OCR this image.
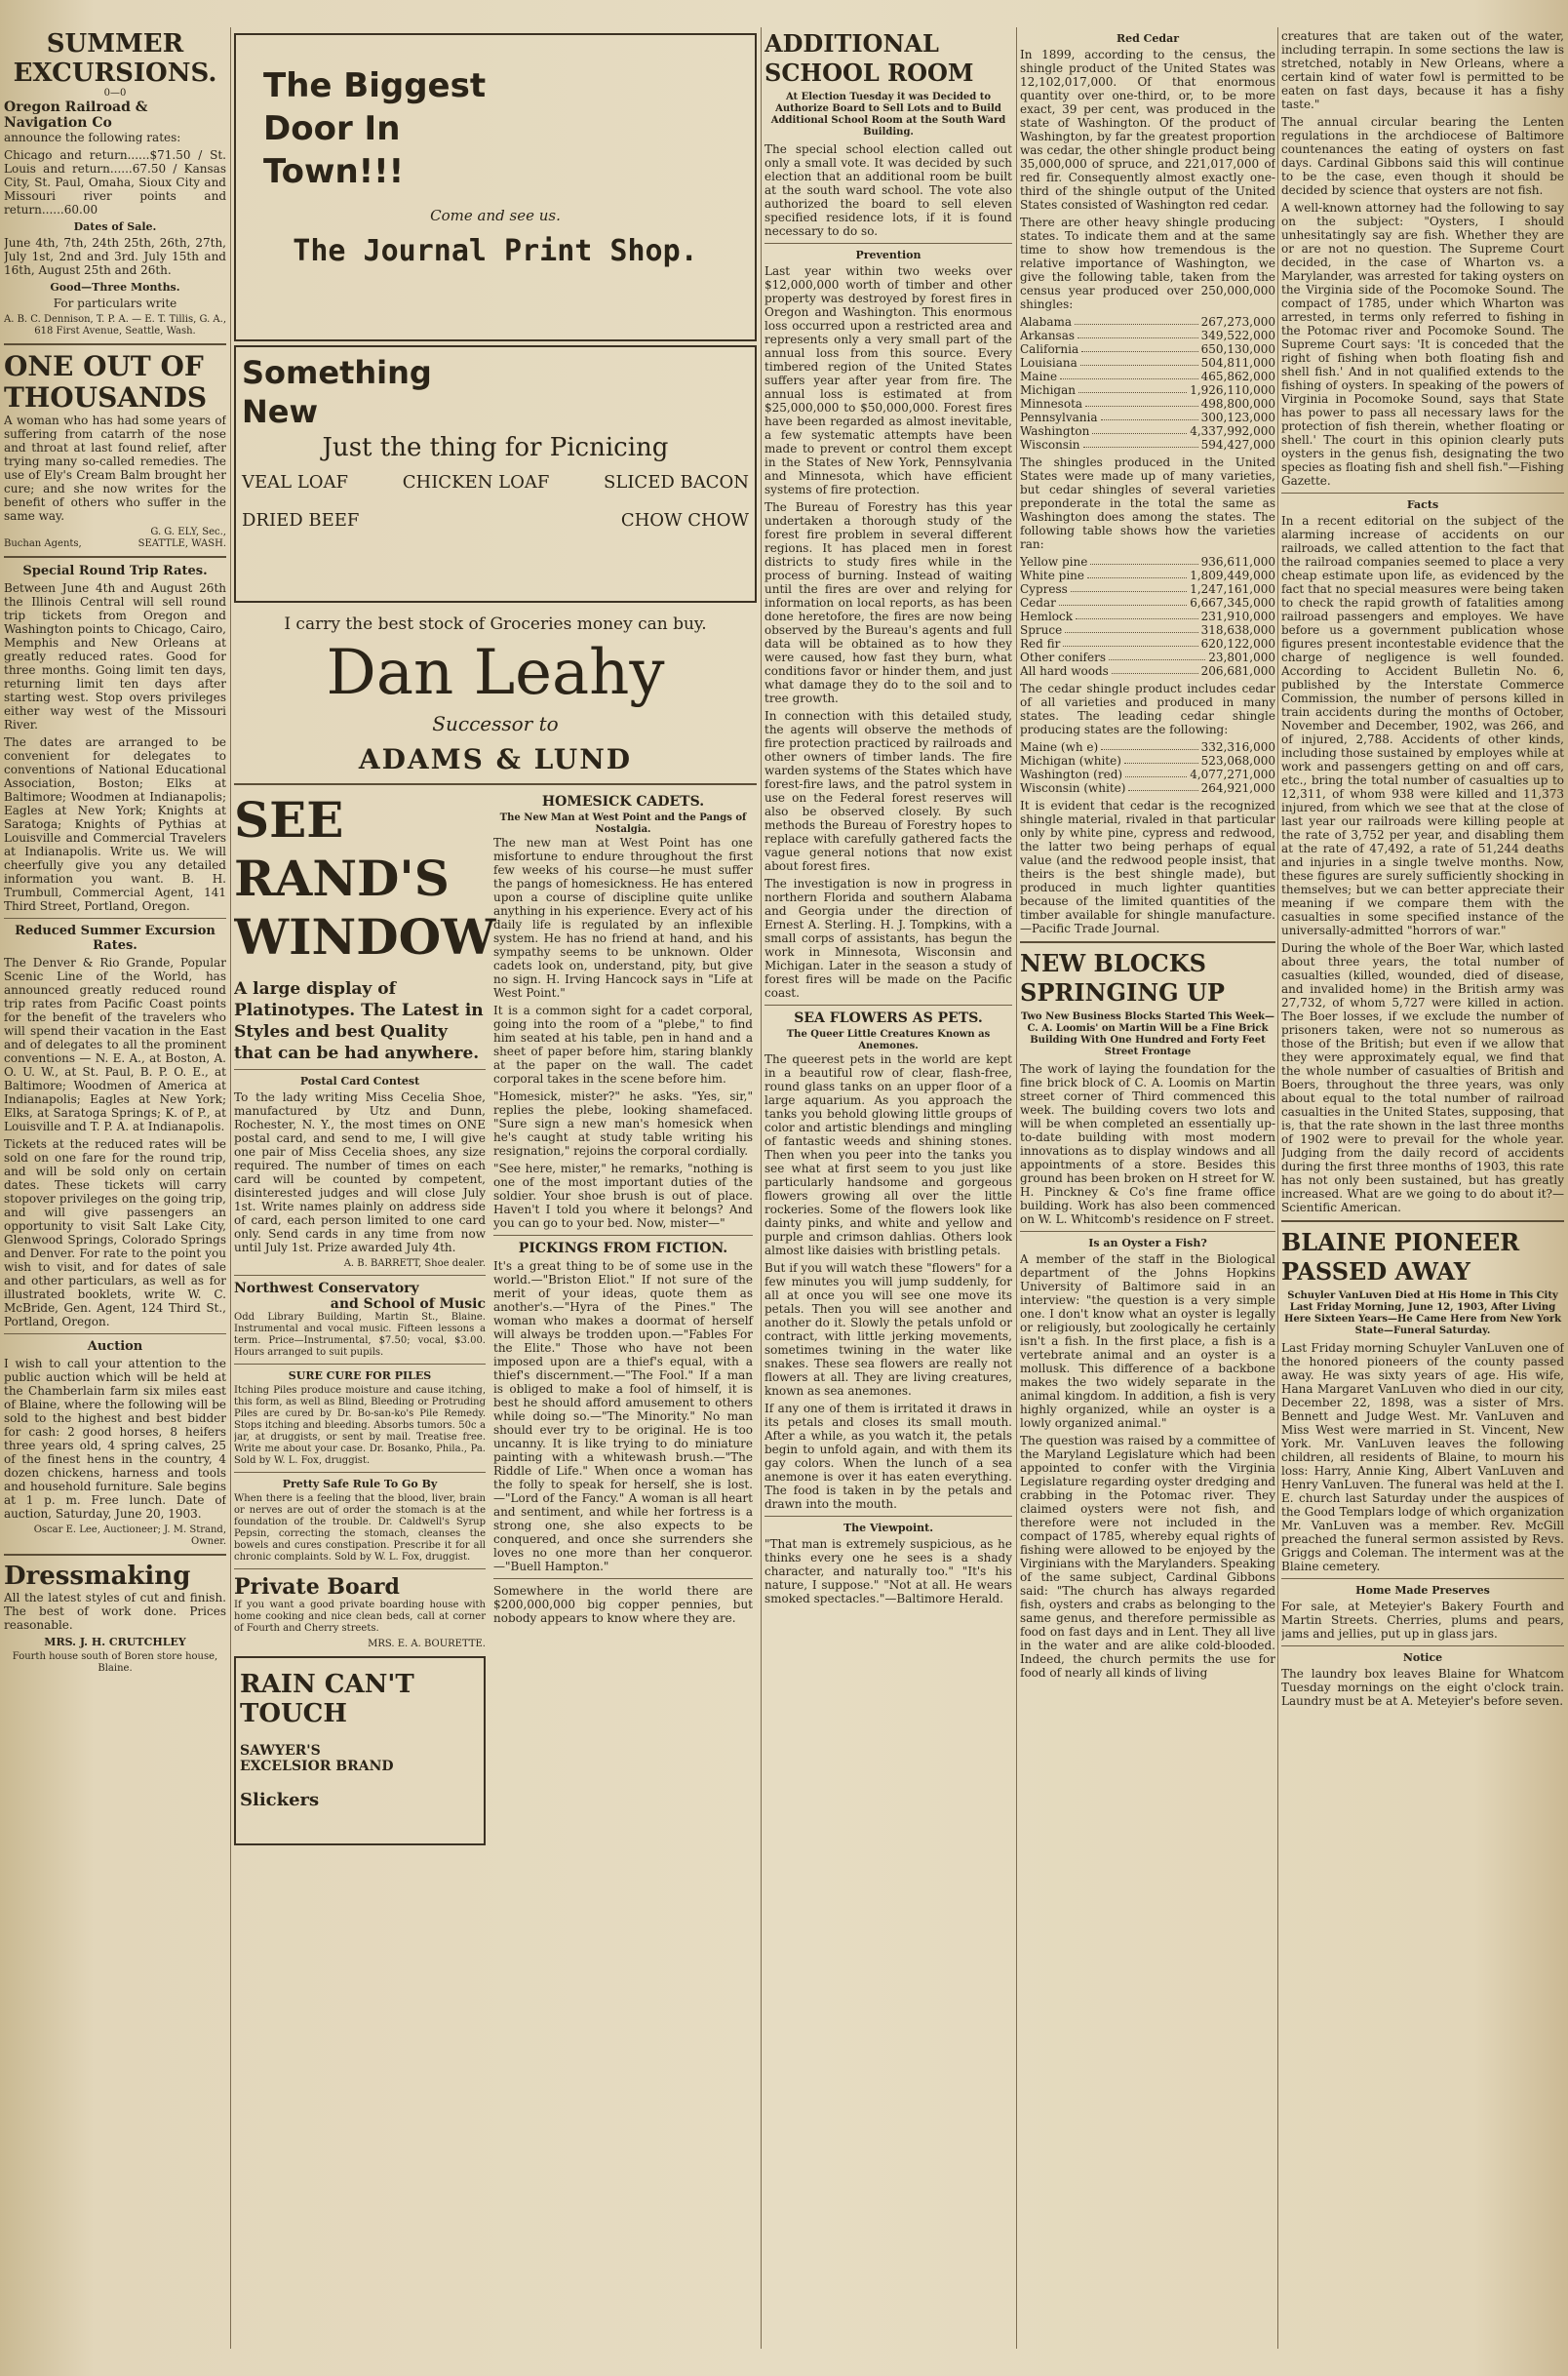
SUMMER EXCURSIONS.
0—0
Oregon Railroad & Navigation Co

announce the following rates:

Chicago and return......$71.50 / St. Louis and return......67.50 / Kansas City, St. Paul, Omaha, Sioux City and Missouri river points and return......60.00

Dates of Sale.

June 4th, 7th, 24th 25th, 26th, 27th, July 1st, 2nd and 3rd. July 15th and 16th, August 25th and 26th.

Good—Three Months.
For particulars write
A. B. C. Dennison, T. P. A. — E. T. Tillis, G. A., 618 First Avenue, Seattle, Wash.
ONE OUT OF THOUSANDS

A woman who has had some years of suffering from catarrh of the nose and throat at last found relief, after trying many so-called remedies. The use of Ely's Cream Balm brought her cure; and she now writes for the benefit of others who suffer in the same way.

G. G. ELY, Sec.,
Buchan Agents,	SEATTLE, WASH.
Special Round Trip Rates.

Between June 4th and August 26th the Illinois Central will sell round trip tickets from Oregon and Washington points to Chicago, Cairo, Memphis and New Orleans at greatly reduced rates. Good for three months. Going limit ten days, returning limit ten days after starting west. Stop overs privileges either way west of the Missouri River.

The dates are arranged to be convenient for delegates to conventions of National Educational Association, Boston; Elks at Baltimore; Woodmen at Indianapolis; Eagles at New York; Knights at Saratoga; Knights of Pythias at Louisville and Commercial Travelers at Indianapolis. Write us. We will cheerfully give you any detailed information you want. B. H. Trumbull, Commercial Agent, 141 Third Street, Portland, Oregon.

Reduced Summer Excursion Rates.

The Denver & Rio Grande, Popular Scenic Line of the World, has announced greatly reduced round trip rates from Pacific Coast points for the benefit of the travelers who will spend their vacation in the East and of delegates to all the prominent conventions — N. E. A., at Boston, A. O. U. W., at St. Paul, B. P. O. E., at Baltimore; Woodmen of America at Indianapolis; Eagles at New York; Elks, at Saratoga Springs; K. of P., at Louisville and T. P. A. at Indianapolis.

Tickets at the reduced rates will be sold on one fare for the round trip, and will be sold only on certain dates. These tickets will carry stopover privileges on the going trip, and will give passengers an opportunity to visit Salt Lake City, Glenwood Springs, Colorado Springs and Denver. For rate to the point you wish to visit, and for dates of sale and other particulars, as well as for illustrated booklets, write W. C. McBride, Gen. Agent, 124 Third St., Portland, Oregon.

Auction

I wish to call your attention to the public auction which will be held at the Chamberlain farm six miles east of Blaine, where the following will be sold to the highest and best bidder for cash: 2 good horses, 8 heifers three years old, 4 spring calves, 25 of the finest hens in the country, 4 dozen chickens, harness and tools and household furniture. Sale begins at 1 p. m. Free lunch. Date of auction, Saturday, June 20, 1903.

Oscar E. Lee, Auctioneer; J. M. Strand, Owner.
Dressmaking

All the latest styles of cut and finish. The best of work done. Prices reasonable.

MRS. J. H. CRUTCHLEY
Fourth house south of Boren store house, Blaine.
The Biggest Door In Town!!!
Come and see us.
The Journal Print Shop.
Something New
Just the thing for Picnicing
VEAL LOAF	CHICKEN LOAF	SLICED BACON
DRIED BEEF	CHOW CHOW
I carry the best stock of Groceries money can buy.
Dan Leahy
Successor to
ADAMS & LUND
SEE RAND'S WINDOW
A large display of Platinotypes. The Latest in Styles and best Quality that can be had anywhere.
Postal Card Contest

To the lady writing Miss Cecelia Shoe, manufactured by Utz and Dunn, Rochester, N. Y., the most times on ONE postal card, and send to me, I will give one pair of Miss Cecelia shoes, any size required. The number of times on each card will be counted by competent, disinterested judges and will close July 1st. Write names plainly on address side of card, each person limited to one card only. Send cards in any time from now until July 1st. Prize awarded July 4th.

A. B. BARRETT, Shoe dealer.
Northwest Conservatory
and School of Music

Odd Library Building, Martin St., Blaine. Instrumental and vocal music. Fifteen lessons a term. Price—Instrumental, $7.50; vocal, $3.00. Hours arranged to suit pupils.

SURE CURE FOR PILES

Itching Piles produce moisture and cause itching, this form, as well as Blind, Bleeding or Protruding Piles are cured by Dr. Bo-san-ko's Pile Remedy. Stops itching and bleeding. Absorbs tumors. 50c a jar, at druggists, or sent by mail. Treatise free. Write me about your case. Dr. Bosanko, Phila., Pa. Sold by W. L. Fox, druggist.

Pretty Safe Rule To Go By

When there is a feeling that the blood, liver, brain or nerves are out of order the stomach is at the foundation of the trouble. Dr. Caldwell's Syrup Pepsin, correcting the stomach, cleanses the bowels and cures constipation. Prescribe it for all chronic complaints. Sold by W. L. Fox, druggist.

Private Board

If you want a good private boarding house with home cooking and nice clean beds, call at corner of Fourth and Cherry streets.

MRS. E. A. BOURETTE.
RAIN CAN'T TOUCH
SAWYER'S EXCELSIOR BRAND
Slickers
HOMESICK CADETS.
The New Man at West Point and the Pangs of Nostalgia.

The new man at West Point has one misfortune to endure throughout the first few weeks of his course—he must suffer the pangs of homesickness. He has entered upon a course of discipline quite unlike anything in his experience. Every act of his daily life is regulated by an inflexible system. He has no friend at hand, and his sympathy seems to be unknown. Older cadets look on, understand, pity, but give no sign. H. Irving Hancock says in "Life at West Point."

It is a common sight for a cadet corporal, going into the room of a "plebe," to find him seated at his table, pen in hand and a sheet of paper before him, staring blankly at the paper on the wall. The cadet corporal takes in the scene before him.

"Homesick, mister?" he asks. "Yes, sir," replies the plebe, looking shamefaced. "Sure sign a new man's homesick when he's caught at study table writing his resignation," rejoins the corporal cordially.

"See here, mister," he remarks, "nothing is one of the most important duties of the soldier. Your shoe brush is out of place. Haven't I told you where it belongs? And you can go to your bed. Now, mister—"

PICKINGS FROM FICTION.

It's a great thing to be of some use in the world.—"Briston Eliot." If not sure of the merit of your ideas, quote them as another's.—"Hyra of the Pines." The woman who makes a doormat of herself will always be trodden upon.—"Fables For the Elite." Those who have not been imposed upon are a thief's equal, with a thief's discernment.—"The Fool." If a man is obliged to make a fool of himself, it is best he should afford amusement to others while doing so.—"The Minority." No man should ever try to be original. He is too uncanny. It is like trying to do miniature painting with a whitewash brush.—"The Riddle of Life." When once a woman has the folly to speak for herself, she is lost.—"Lord of the Fancy." A woman is all heart and sentiment, and while her fortress is a strong one, she also expects to be conquered, and once she surrenders she loves no one more than her conqueror.—"Buell Hampton."

Somewhere in the world there are $200,000,000 big copper pennies, but nobody appears to know where they are.

ADDITIONAL SCHOOL ROOM
At Election Tuesday it was Decided to Authorize Board to Sell Lots and to Build Additional School Room at the South Ward Building.

The special school election called out only a small vote. It was decided by such election that an additional room be built at the south ward school. The vote also authorized the board to sell eleven specified residence lots, if it is found necessary to do so.

Prevention

Last year within two weeks over $12,000,000 worth of timber and other property was destroyed by forest fires in Oregon and Washington. This enormous loss occurred upon a restricted area and represents only a very small part of the annual loss from this source. Every timbered region of the United States suffers year after year from fire. The annual loss is estimated at from $25,000,000 to $50,000,000. Forest fires have been regarded as almost inevitable, a few systematic attempts have been made to prevent or control them except in the States of New York, Pennsylvania and Minnesota, which have efficient systems of fire protection.

The Bureau of Forestry has this year undertaken a thorough study of the forest fire problem in several different regions. It has placed men in forest districts to study fires while in the process of burning. Instead of waiting until the fires are over and relying for information on local reports, as has been done heretofore, the fires are now being observed by the Bureau's agents and full data will be obtained as to how they were caused, how fast they burn, what conditions favor or hinder them, and just what damage they do to the soil and to tree growth.

In connection with this detailed study, the agents will observe the methods of fire protection practiced by railroads and other owners of timber lands. The fire warden systems of the States which have forest-fire laws, and the patrol system in use on the Federal forest reserves will also be observed closely. By such methods the Bureau of Forestry hopes to replace with carefully gathered facts the vague general notions that now exist about forest fires.

The investigation is now in progress in northern Florida and southern Alabama and Georgia under the direction of Ernest A. Sterling. H. J. Tompkins, with a small corps of assistants, has begun the work in Minnesota, Wisconsin and Michigan. Later in the season a study of forest fires will be made on the Pacific coast.

SEA FLOWERS AS PETS.
The Queer Little Creatures Known as Anemones.

The queerest pets in the world are kept in a beautiful row of clear, flash-free, round glass tanks on an upper floor of a large aquarium. As you approach the tanks you behold glowing little groups of color and artistic blendings and mingling of fantastic weeds and shining stones. Then when you peer into the tanks you see what at first seem to you just like particularly handsome and gorgeous flowers growing all over the little rockeries. Some of the flowers look like dainty pinks, and white and yellow and purple and crimson dahlias. Others look almost like daisies with bristling petals.

But if you will watch these "flowers" for a few minutes you will jump suddenly, for all at once you will see one move its petals. Then you will see another and another do it. Slowly the petals unfold or contract, with little jerking movements, sometimes twining in the water like snakes. These sea flowers are really not flowers at all. They are living creatures, known as sea anemones.

If any one of them is irritated it draws in its petals and closes its small mouth. After a while, as you watch it, the petals begin to unfold again, and with them its gay colors. When the lunch of a sea anemone is over it has eaten everything. The food is taken in by the petals and drawn into the mouth.

The Viewpoint.

"That man is extremely suspicious, as he thinks every one he sees is a shady character, and naturally too." "It's his nature, I suppose." "Not at all. He wears smoked spectacles."—Baltimore Herald.

Red Cedar

In 1899, according to the census, the shingle product of the United States was 12,102,017,000. Of that enormous quantity over one-third, or, to be more exact, 39 per cent, was produced in the state of Washington. Of the product of Washington, by far the greatest proportion was cedar, the other shingle product being 35,000,000 of spruce, and 221,017,000 of red fir. Consequently almost exactly one-third of the shingle output of the United States consisted of Washington red cedar.

There are other heavy shingle producing states. To indicate them and at the same time to show how tremendous is the relative importance of Washington, we give the following table, taken from the census year produced over 250,000,000 shingles:

Alabama	267,273,000
Arkansas	349,522,000
California	650,130,000
Louisiana	504,811,000
Maine	465,862,000
Michigan	1,926,110,000
Minnesota	498,800,000
Pennsylvania	300,123,000
Washington	4,337,992,000
Wisconsin	594,427,000

The shingles produced in the United States were made up of many varieties, but cedar shingles of several varieties preponderate in the total the same as Washington does among the states. The following table shows how the varieties ran:

Yellow pine	936,611,000
White pine	1,809,449,000
Cypress	1,247,161,000
Cedar	6,667,345,000
Hemlock	231,910,000
Spruce	318,638,000
Red fir	620,122,000
Other conifers	23,801,000
All hard woods	206,681,000

The cedar shingle product includes cedar of all varieties and produced in many states. The leading cedar shingle producing states are the following:

Maine (wh e)	332,316,000
Michigan (white)	523,068,000
Washington (red)	4,077,271,000
Wisconsin (white)	264,921,000

It is evident that cedar is the recognized shingle material, rivaled in that particular only by white pine, cypress and redwood, the latter two being perhaps of equal value (and the redwood people insist, that theirs is the best shingle made), but produced in much lighter quantities because of the limited quantities of the timber available for shingle manufacture.—Pacific Trade Journal.

NEW BLOCKS SPRINGING UP
Two New Business Blocks Started This Week—C. A. Loomis' on Martin Will be a Fine Brick Building With One Hundred and Forty Feet Street Frontage

The work of laying the foundation for the fine brick block of C. A. Loomis on Martin street corner of Third commenced this week. The building covers two lots and will be when completed an essentially up-to-date building with most modern innovations as to display windows and all appointments of a store. Besides this ground has been broken on H street for W. H. Pinckney & Co's fine frame office building. Work has also been commenced on W. L. Whitcomb's residence on F street.

Is an Oyster a Fish?

A member of the staff in the Biological department of the Johns Hopkins University of Baltimore said in an interview: "the question is a very simple one. I don't know what an oyster is legally or religiously, but zoologically he certainly isn't a fish. In the first place, a fish is a vertebrate animal and an oyster is a mollusk. This difference of a backbone makes the two widely separate in the animal kingdom. In addition, a fish is very highly organized, while an oyster is a lowly organized animal."

The question was raised by a committee of the Maryland Legislature which had been appointed to confer with the Virginia Legislature regarding oyster dredging and crabbing in the Potomac river. They claimed oysters were not fish, and therefore were not included in the compact of 1785, whereby equal rights of fishing were allowed to be enjoyed by the Virginians with the Marylanders. Speaking of the same subject, Cardinal Gibbons said: "The church has always regarded fish, oysters and crabs as belonging to the same genus, and therefore permissible as food on fast days and in Lent. They all live in the water and are alike cold-blooded. Indeed, the church permits the use for food of nearly all kinds of living

creatures that are taken out of the water, including terrapin. In some sections the law is stretched, notably in New Orleans, where a certain kind of water fowl is permitted to be eaten on fast days, because it has a fishy taste."

The annual circular bearing the Lenten regulations in the archdiocese of Baltimore countenances the eating of oysters on fast days. Cardinal Gibbons said this will continue to be the case, even though it should be decided by science that oysters are not fish.

A well-known attorney had the following to say on the subject: "Oysters, I should unhesitatingly say are fish. Whether they are or are not no question. The Supreme Court decided, in the case of Wharton vs. a Marylander, was arrested for taking oysters on the Virginia side of the Pocomoke Sound. The compact of 1785, under which Wharton was arrested, in terms only referred to fishing in the Potomac river and Pocomoke Sound. The Supreme Court says: 'It is conceded that the right of fishing when both floating fish and shell fish.' And in not qualified extends to the fishing of oysters. In speaking of the powers of Virginia in Pocomoke Sound, says that State has power to pass all necessary laws for the protection of fish therein, whether floating or shell.' The court in this opinion clearly puts oysters in the genus fish, designating the two species as floating fish and shell fish."—Fishing Gazette.

Facts

In a recent editorial on the subject of the alarming increase of accidents on our railroads, we called attention to the fact that the railroad companies seemed to place a very cheap estimate upon life, as evidenced by the fact that no special measures were being taken to check the rapid growth of fatalities among railroad passengers and employes. We have before us a government publication whose figures present incontestable evidence that the charge of negligence is well founded. According to Accident Bulletin No. 6, published by the Interstate Commerce Commission, the number of persons killed in train accidents during the months of October, November and December, 1902, was 266, and of injured, 2,788. Accidents of other kinds, including those sustained by employes while at work and passengers getting on and off cars, etc., bring the total number of casualties up to 12,311, of whom 938 were killed and 11,373 injured, from which we see that at the close of last year our railroads were killing people at the rate of 3,752 per year, and disabling them at the rate of 47,492, a rate of 51,244 deaths and injuries in a single twelve months. Now, these figures are surely sufficiently shocking in themselves; but we can better appreciate their meaning if we compare them with the casualties in some specified instance of the universally-admitted "horrors of war."

During the whole of the Boer War, which lasted about three years, the total number of casualties (killed, wounded, died of disease, and invalided home) in the British army was 27,732, of whom 5,727 were killed in action. The Boer losses, if we exclude the number of prisoners taken, were not so numerous as those of the British; but even if we allow that they were approximately equal, we find that the whole number of casualties of British and Boers, throughout the three years, was only about equal to the total number of railroad casualties in the United States, supposing, that is, that the rate shown in the last three months of 1902 were to prevail for the whole year. Judging from the daily record of accidents during the first three months of 1903, this rate has not only been sustained, but has greatly increased. What are we going to do about it?—Scientific American.

BLAINE PIONEER PASSED AWAY
Schuyler VanLuven Died at His Home in This City Last Friday Morning, June 12, 1903, After Living Here Sixteen Years—He Came Here from New York State—Funeral Saturday.

Last Friday morning Schuyler VanLuven one of the honored pioneers of the county passed away. He was sixty years of age. His wife, Hana Margaret VanLuven who died in our city, December 22, 1898, was a sister of Mrs. Bennett and Judge West. Mr. VanLuven and Miss West were married in St. Vincent, New York. Mr. VanLuven leaves the following children, all residents of Blaine, to mourn his loss: Harry, Annie King, Albert VanLuven and Henry VanLuven. The funeral was held at the I. E. church last Saturday under the auspices of the Good Templars lodge of which organization Mr. VanLuven was a member. Rev. McGill preached the funeral sermon assisted by Revs. Griggs and Coleman. The interment was at the Blaine cemetery.

Home Made Preserves

For sale, at Meteyier's Bakery Fourth and Martin Streets. Cherries, plums and pears, jams and jellies, put up in glass jars.

Notice

The laundry box leaves Blaine for Whatcom Tuesday mornings on the eight o'clock train. Laundry must be at A. Meteyier's before seven.
